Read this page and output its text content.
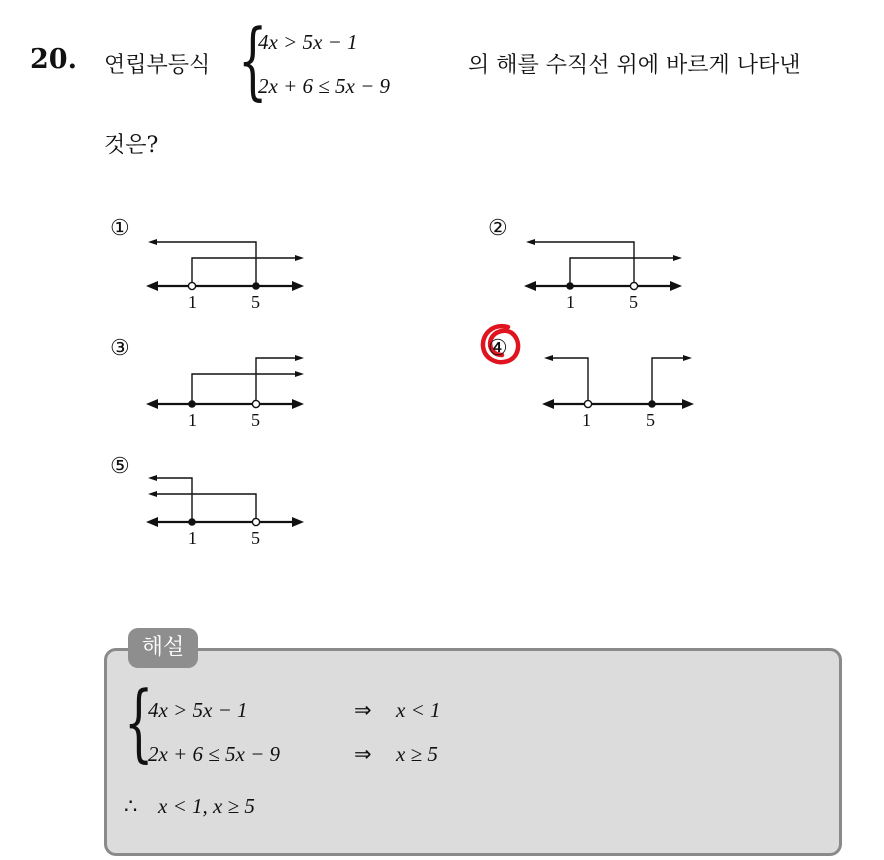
20. 연립부등식 {
4x > 5x − 1
2x + 6 ≤ 5x − 9
의 해를 수직선 위에 바르게 나타낸
것은?
①
1	5
②
1	5
③
1	5
④
1	5
⑤
1	5
해설
{
4x > 5x − 1	⇒ x < 1
2x + 6 ≤ 5x − 9	⇒ x ≥ 5
∴ x < 1, x ≥ 5
